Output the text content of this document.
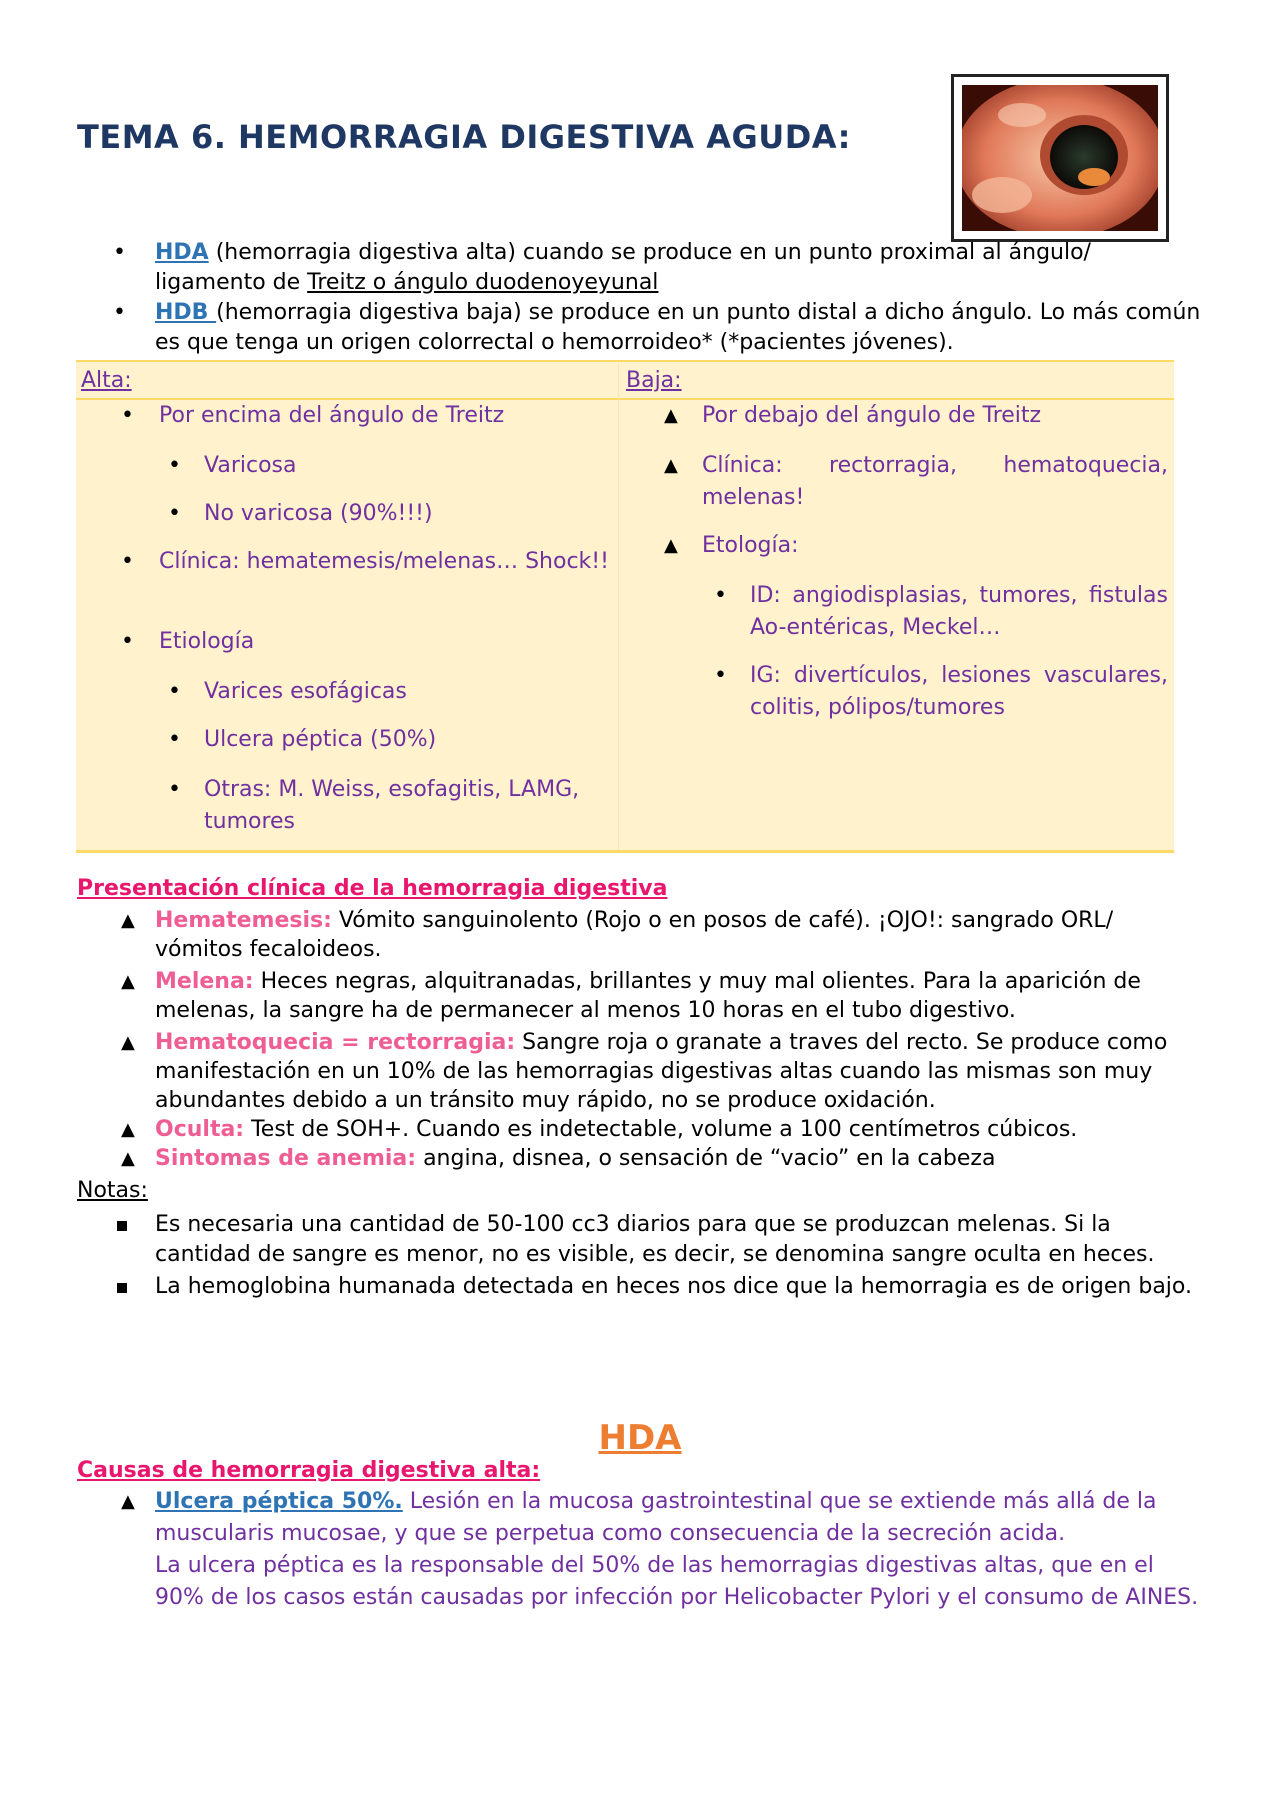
TEMA 6. HEMORRAGIA DIGESTIVA AGUDA:
• HDA (hemorragia digestiva alta) cuando se produce en un punto proximal al ángulo/ ligamento de Treitz o ángulo duodenoyeyunal
• HDB (hemorragia digestiva baja) se produce en un punto distal a dicho ángulo. Lo más común es que tenga un origen colorrectal o hemorroideo* (*pacientes jóvenes).
Alta:	Baja:
• Por encima del ángulo de Treitz
• Varicosa
• No varicosa (90%!!!)
• Clínica: hematemesis/melenas… Shock!!
• Etiología
• Varices esofágicas
• Ulcera péptica (50%)
• Otras: M. Weiss, esofagitis, LAMG, tumores
▲ Por debajo del ángulo de Treitz
▲ Clínica: rectorragia, hematoquecia, melenas!
▲ Etología:
• ID: angiodisplasias, tumores, fistulas Ao-entéricas, Meckel…
• IG: divertículos, lesiones vasculares, colitis, pólipos/tumores
Presentación clínica de la hemorragia digestiva
▲ Hematemesis: Vómito sanguinolento (Rojo o en posos de café). ¡OJO!: sangrado ORL/ vómitos fecaloideos.
▲ Melena: Heces negras, alquitranadas, brillantes y muy mal olientes. Para la aparición de melenas, la sangre ha de permanecer al menos 10 horas en el tubo digestivo.
▲ Hematoquecia = rectorragia: Sangre roja o granate a traves del recto. Se produce como manifestación en un 10% de las hemorragias digestivas altas cuando las mismas son muy abundantes debido a un tránsito muy rápido, no se produce oxidación.
▲ Oculta: Test de SOH+. Cuando es indetectable, volume a 100 centímetros cúbicos.
▲ Sintomas de anemia: angina, disnea, o sensación de “vacio” en la cabeza
Notas:
Es necesaria una cantidad de 50-100 cc3 diarios para que se produzcan melenas. Si la cantidad de sangre es menor, no es visible, es decir, se denomina sangre oculta en heces.
La hemoglobina humanada detectada en heces nos dice que la hemorragia es de origen bajo.
HDA
Causas de hemorragia digestiva alta:
▲ Ulcera péptica 50%. Lesión en la mucosa gastrointestinal que se extiende más allá de la muscularis mucosae, y que se perpetua como consecuencia de la secreción acida.
La ulcera péptica es la responsable del 50% de las hemorragias digestivas altas, que en el 90% de los casos están causadas por infección por Helicobacter Pylori y el consumo de AINES.
